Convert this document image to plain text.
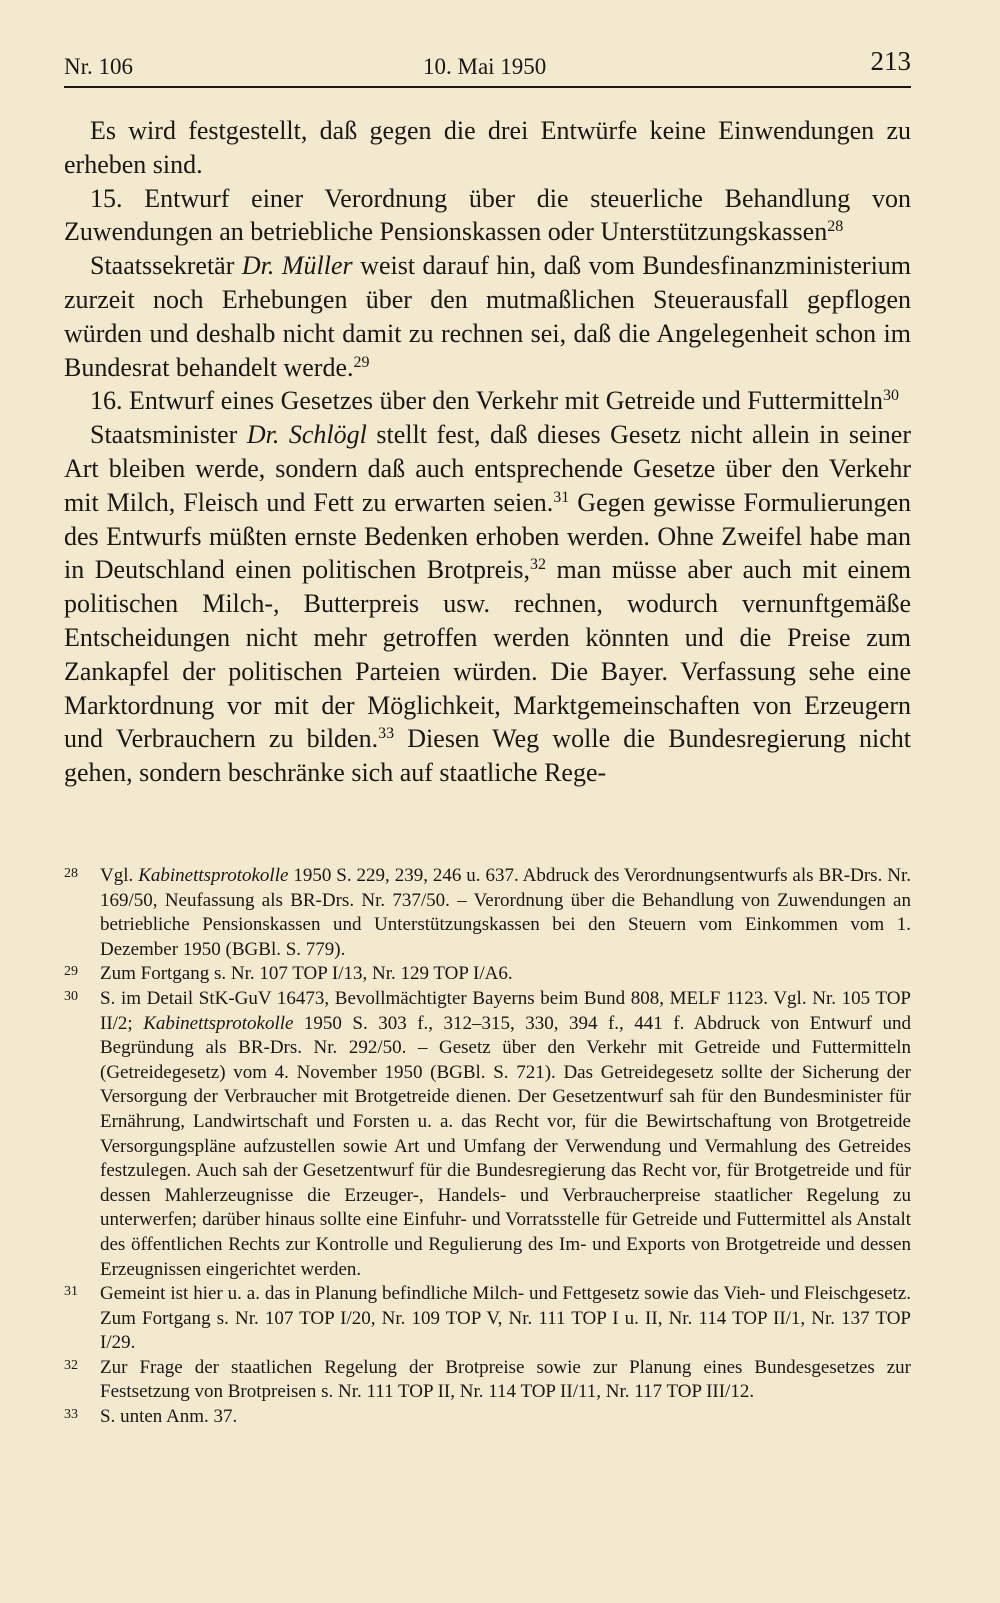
Nr. 106	10. Mai 1950	213

Es wird festgestellt, daß gegen die drei Entwürfe keine Einwendungen zu erheben sind.

15. Entwurf einer Verordnung über die steuerliche Behandlung von Zuwendungen an betriebliche Pensionskassen oder Unterstützungskassen$^{28}$

Staatssekretär Dr. Müller weist darauf hin, daß vom Bundesfinanzministerium zurzeit noch Erhebungen über den mutmaßlichen Steuerausfall gepflogen würden und deshalb nicht damit zu rechnen sei, daß die Angelegenheit schon im Bundesrat behandelt werde.$^{29}$

16. Entwurf eines Gesetzes über den Verkehr mit Getreide und Futtermitteln$^{30}$

Staatsminister Dr. Schlögl stellt fest, daß dieses Gesetz nicht allein in seiner Art bleiben werde, sondern daß auch entsprechende Gesetze über den Verkehr mit Milch, Fleisch und Fett zu erwarten seien.$^{31}$ Gegen gewisse Formulierungen des Entwurfs müßten ernste Bedenken erhoben werden. Ohne Zweifel habe man in Deutschland einen politischen Brotpreis,$^{32}$ man müsse aber auch mit einem politischen Milch-, Butterpreis usw. rechnen, wodurch vernunftgemäße Entscheidungen nicht mehr getroffen werden könnten und die Preise zum Zankapfel der politischen Parteien würden. Die Bayer. Verfassung sehe eine Marktordnung vor mit der Möglichkeit, Marktgemeinschaften von Erzeugern und Verbrauchern zu bilden.$^{33}$ Diesen Weg wolle die Bundesregierung nicht gehen, sondern beschränke sich auf staatliche Rege-

28 Vgl. Kabinettsprotokolle 1950 S. 229, 239, 246 u. 637. Abdruck des Verordnungsentwurfs als BR-Drs. Nr. 169/50, Neufassung als BR-Drs. Nr. 737/50. – Verordnung über die Behandlung von Zuwendungen an betriebliche Pensionskassen und Unterstützungskassen bei den Steuern vom Einkommen vom 1. Dezember 1950 (BGBl. S. 779).
29 Zum Fortgang s. Nr. 107 TOP I/13, Nr. 129 TOP I/A6.
30 S. im Detail StK-GuV 16473, Bevollmächtigter Bayerns beim Bund 808, MELF 1123. Vgl. Nr. 105 TOP II/2; Kabinettsprotokolle 1950 S. 303 f., 312–315, 330, 394 f., 441 f. Abdruck von Entwurf und Begründung als BR-Drs. Nr. 292/50. – Gesetz über den Verkehr mit Getreide und Futtermitteln (Getreidegesetz) vom 4. November 1950 (BGBl. S. 721). Das Getreidegesetz sollte der Sicherung der Versorgung der Verbraucher mit Brotgetreide dienen. Der Gesetzentwurf sah für den Bundesminister für Ernährung, Landwirtschaft und Forsten u. a. das Recht vor, für die Bewirtschaftung von Brotgetreide Versorgungspläne aufzustellen sowie Art und Umfang der Verwendung und Vermahlung des Getreides festzulegen. Auch sah der Gesetzentwurf für die Bundesregierung das Recht vor, für Brotgetreide und für dessen Mahlerzeugnisse die Erzeuger-, Handels- und Verbraucherpreise staatlicher Regelung zu unterwerfen; darüber hinaus sollte eine Einfuhr- und Vorratsstelle für Getreide und Futtermittel als Anstalt des öffentlichen Rechts zur Kontrolle und Regulierung des Im- und Exports von Brotgetreide und dessen Erzeugnissen eingerichtet werden.
31 Gemeint ist hier u. a. das in Planung befindliche Milch- und Fettgesetz sowie das Vieh- und Fleischgesetz. Zum Fortgang s. Nr. 107 TOP I/20, Nr. 109 TOP V, Nr. 111 TOP I u. II, Nr. 114 TOP II/1, Nr. 137 TOP I/29.
32 Zur Frage der staatlichen Regelung der Brotpreise sowie zur Planung eines Bundesgesetzes zur Festsetzung von Brotpreisen s. Nr. 111 TOP II, Nr. 114 TOP II/11, Nr. 117 TOP III/12.
33 S. unten Anm. 37.
